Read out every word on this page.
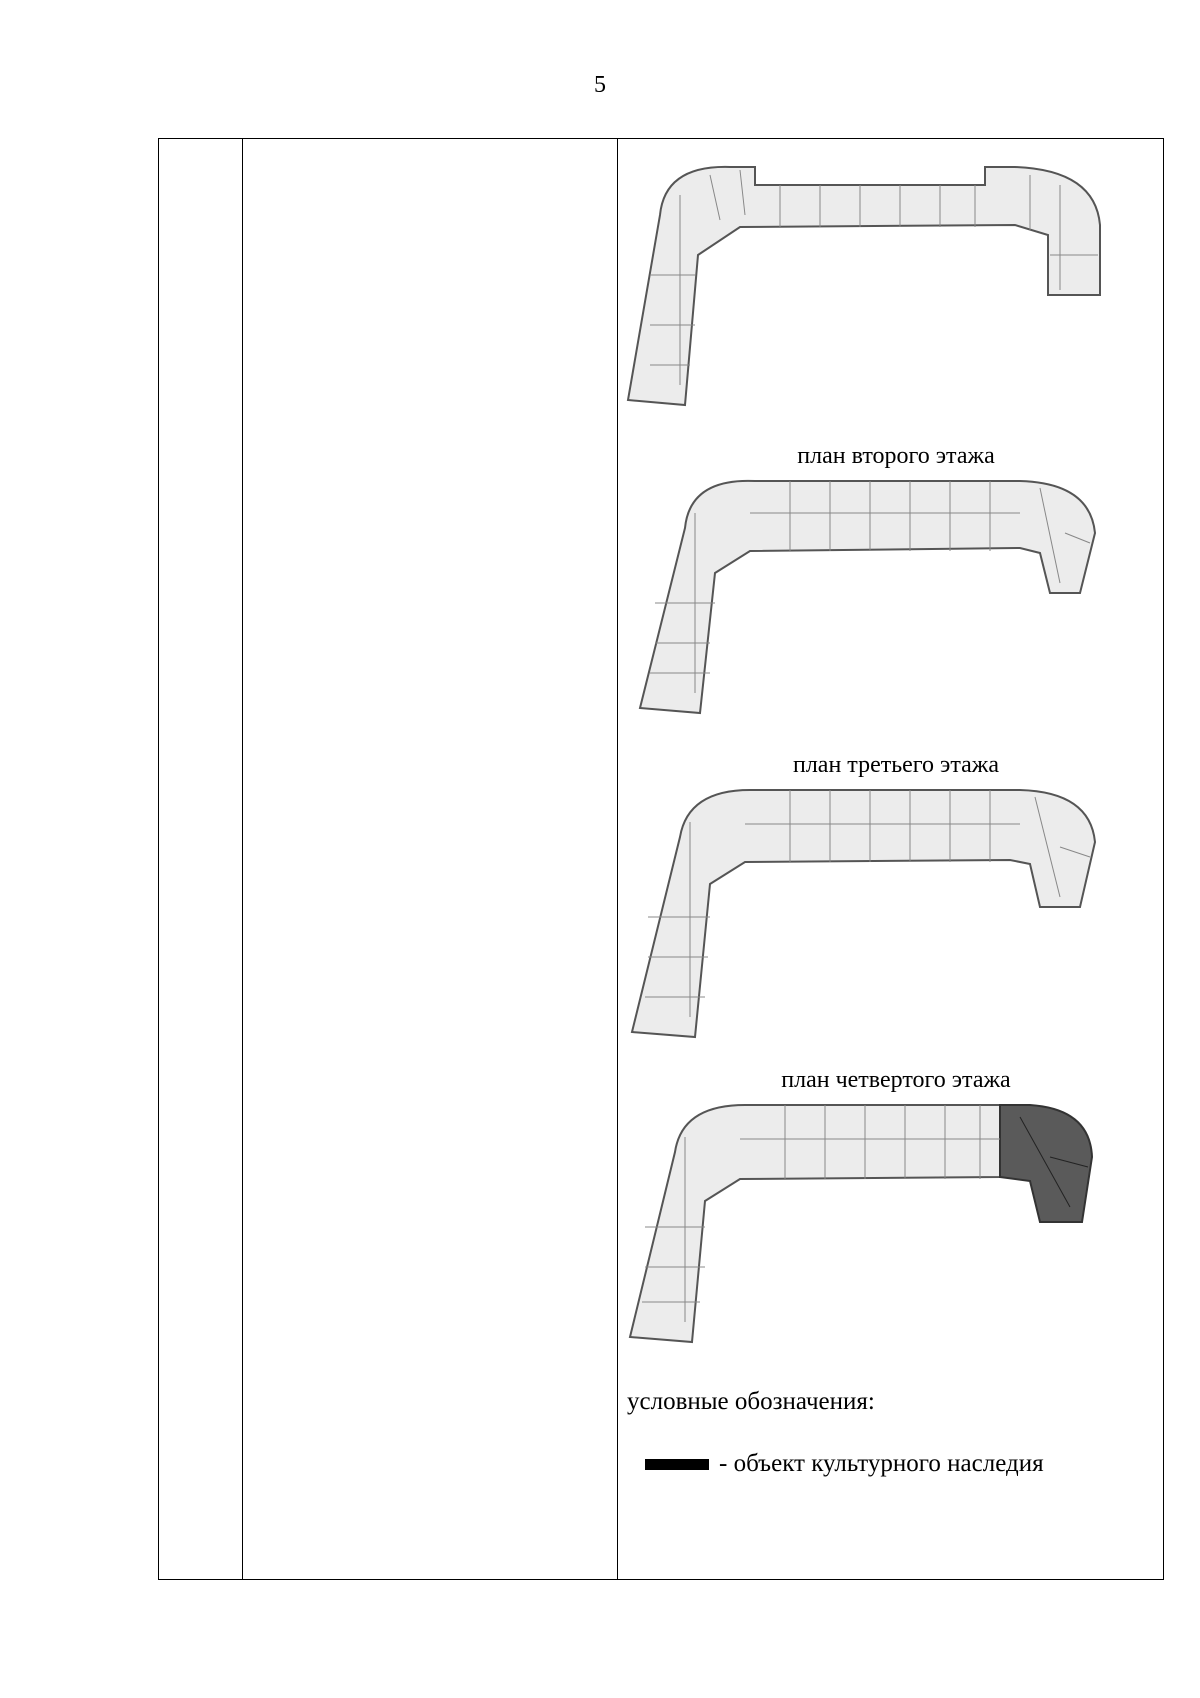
5
план второго этажа
план третьего этажа
план четвертого этажа
условные обозначения:
- объект культурного наследия
